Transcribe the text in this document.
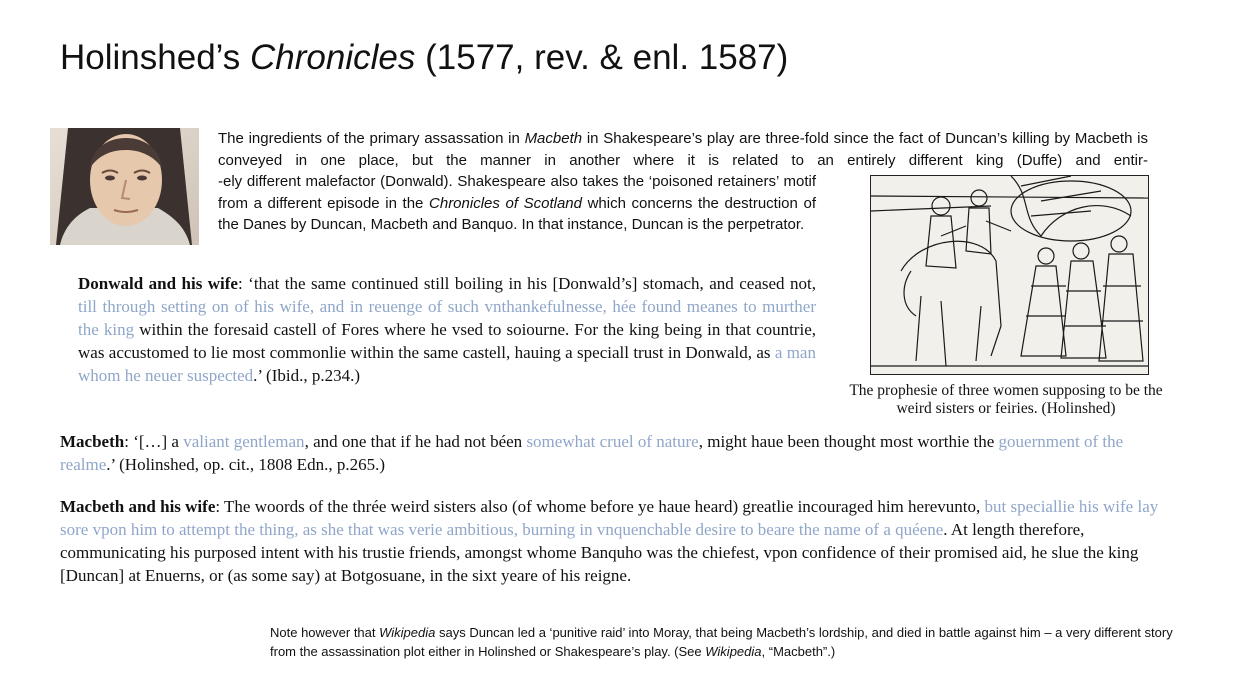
Holinshed’s Chronicles (1577, rev. & enl. 1587)
The ingredients of the primary assassation in Macbeth in Shakespeare’s play are three-fold since the fact of Duncan’s killing by Macbeth is conveyed in one place, but the manner in another where it is related to an entirely different king (Duffe) and entir-
-ely different malefactor (Donwald). Shakespeare also takes the ‘poisoned retainers’ motif from a different episode in the Chronicles of Scotland which concerns the destruction of the Danes by Duncan, Macbeth and Banquo. In that instance, Duncan is the perpetrator.
The prophesie of three women supposing to be the weird sisters or feiries. (Holinshed)
Donwald and his wife: ‘that the same continued still boiling in his [Donwald’s] stomach, and ceased not, till through setting on of his wife, and in reuenge of such vnthankefulnesse, hée found meanes to murther the king within the foresaid castell of Fores where he vsed to soiourne. For the king being in that countrie, was accustomed to lie most commonlie within the same castell, hauing a speciall trust in Donwald, as a man whom he neuer suspected.’ (Ibid., p.234.)
Macbeth: ‘[…] a valiant gentleman, and one that if he had not béen somewhat cruel of nature, might haue been thought most worthie the gouernment of the realme.’ (Holinshed, op. cit., 1808 Edn., p.265.)
Macbeth and his wife: The woords of the thrée weird sisters also (of whome before ye haue heard) greatlie incouraged him herevunto, but speciallie his wife lay sore vpon him to attempt the thing, as she that was verie ambitious, burning in vnquenchable desire to beare the name of a quéene. At length therefore, communicating his purposed intent with his trustie friends, amongst whome Banquho was the chiefest, vpon confidence of their promised aid, he slue the king [Duncan] at Enuerns, or (as some say) at Botgosuane, in the sixt yeare of his reigne.
Note however that Wikipedia says Duncan led a ‘punitive raid’ into Moray, that being Macbeth’s lordship, and died in battle against him – a very different story from the assassination plot either in Holinshed or Shakespeare’s play. (See Wikipedia, “Macbeth”.)
